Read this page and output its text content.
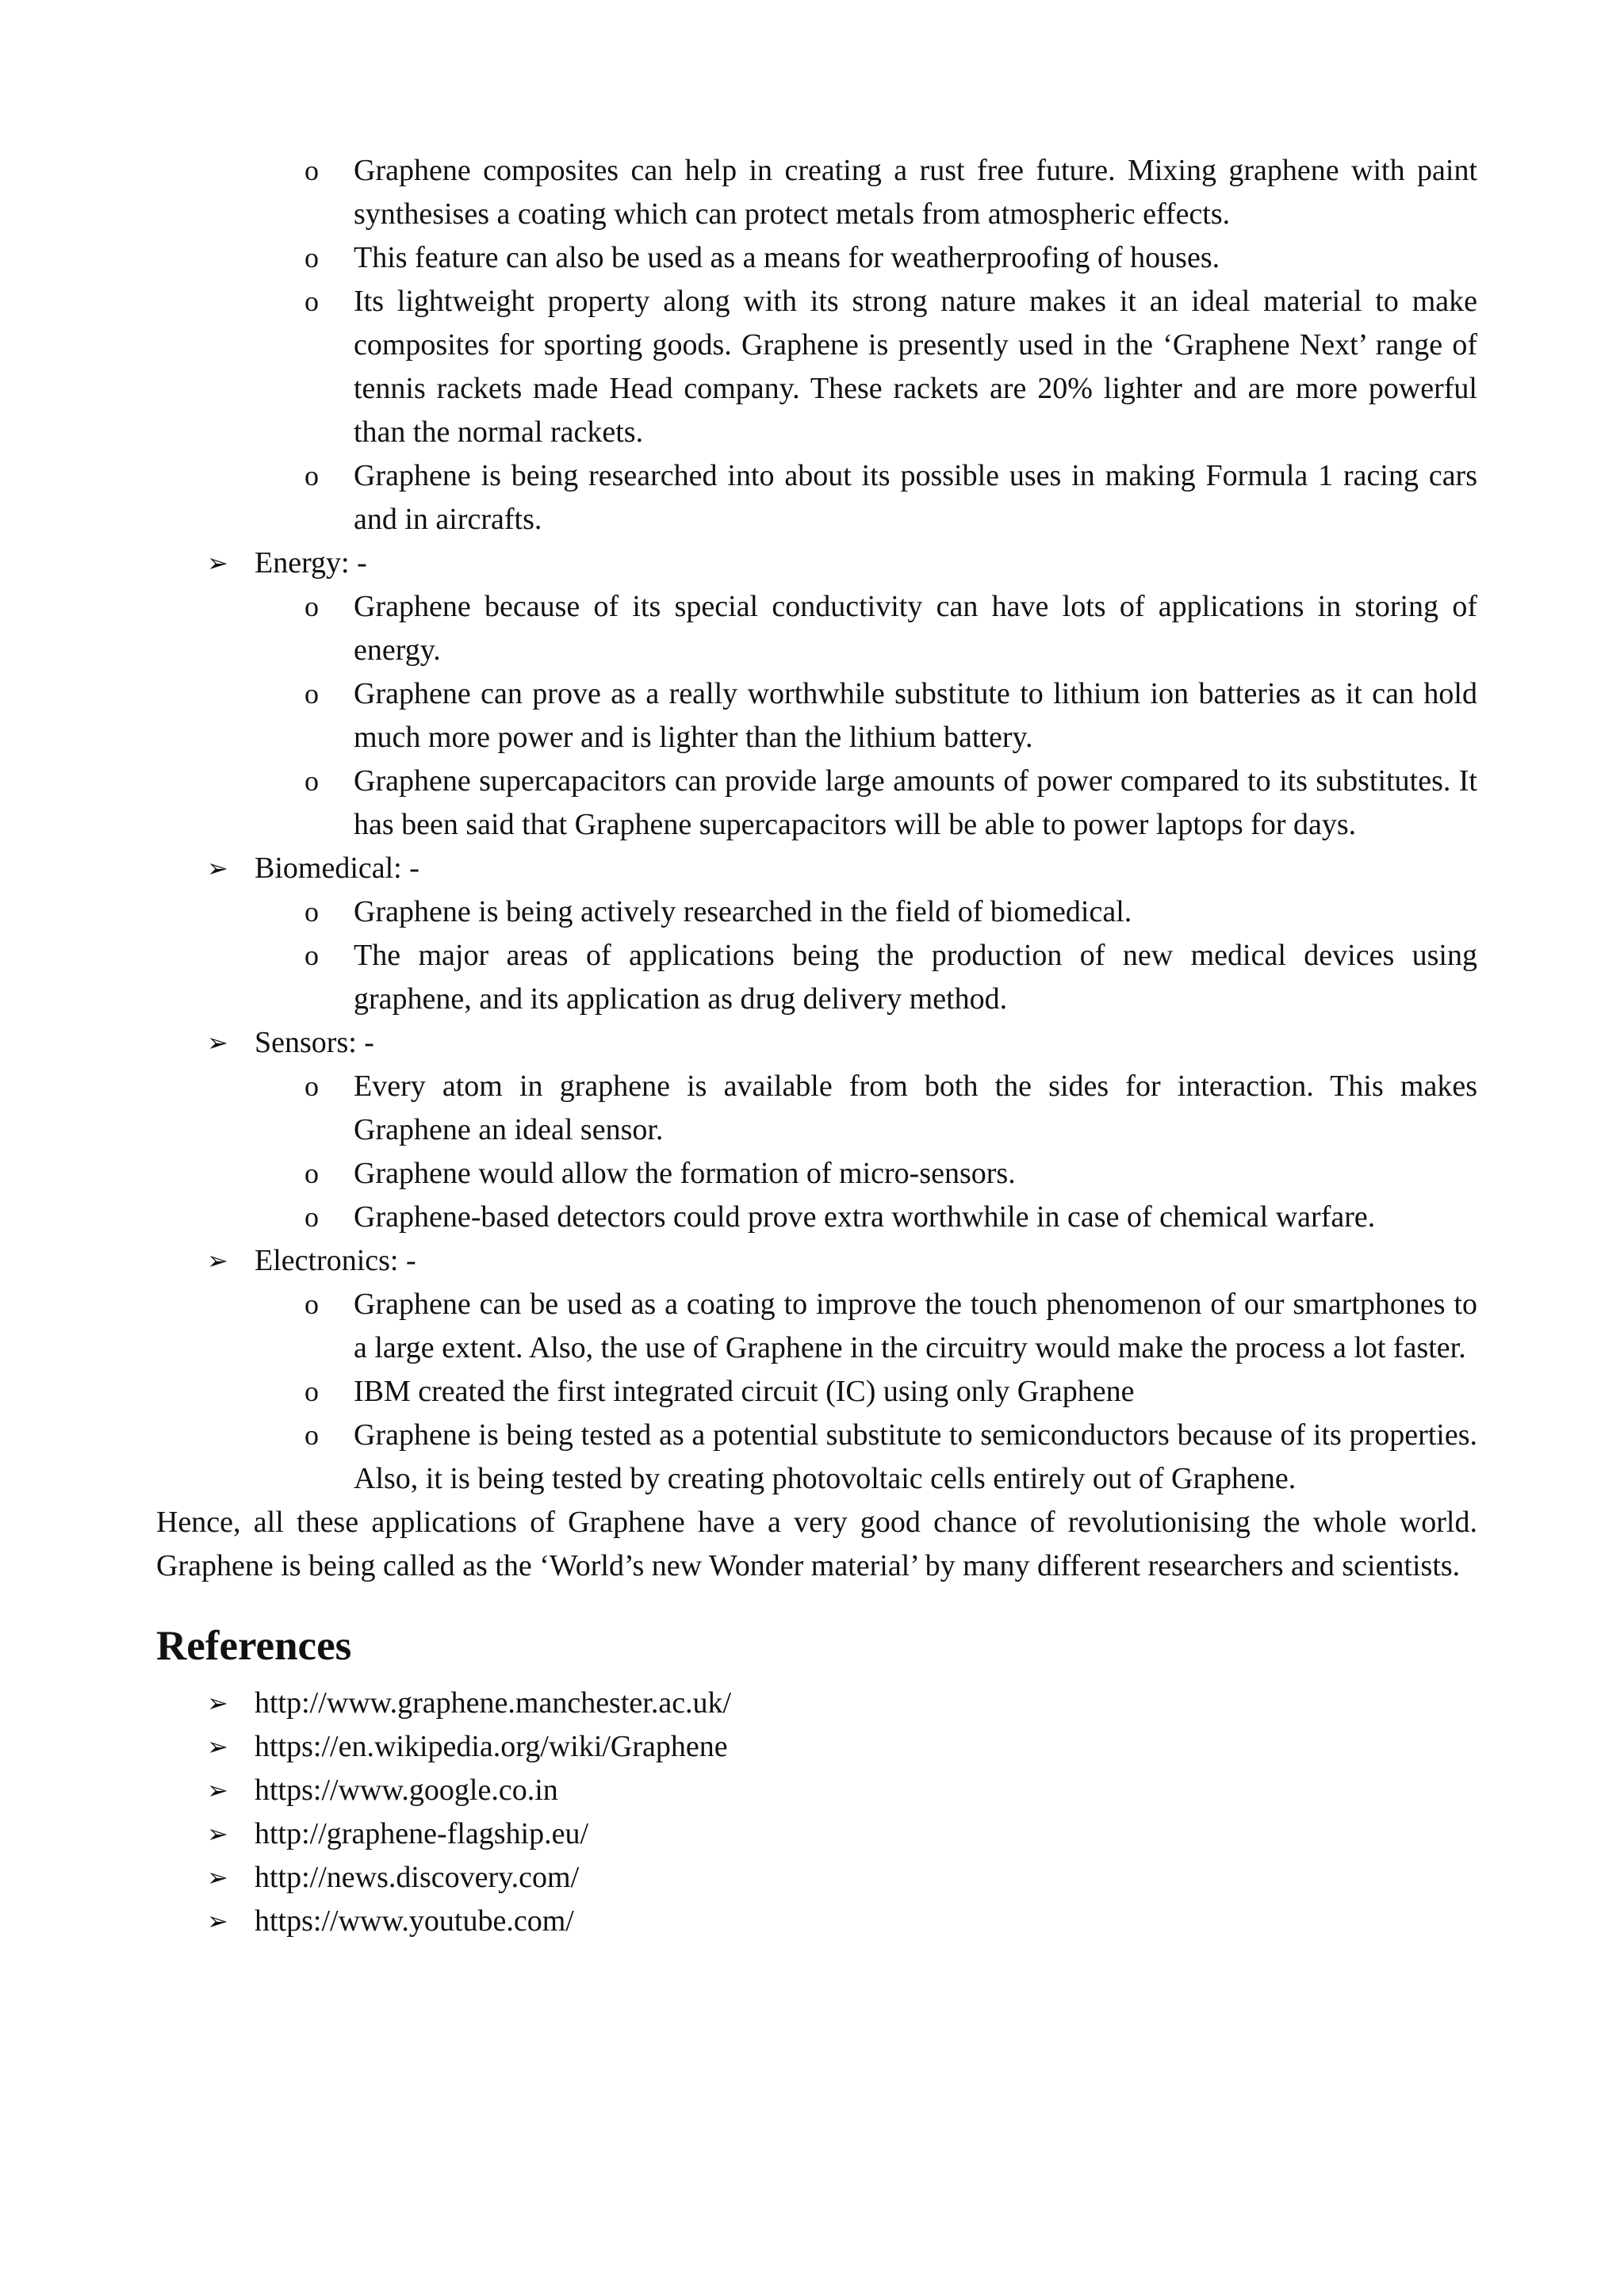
o	Graphene composites can help in creating a rust free future. Mixing graphene with paint synthesises a coating which can protect metals from atmospheric effects.
o	This feature can also be used as a means for weatherproofing of houses.
o	Its lightweight property along with its strong nature makes it an ideal material to make composites for sporting goods. Graphene is presently used in the ‘Graphene Next’ range of tennis rackets made Head company. These rackets are 20% lighter and are more powerful than the normal rackets.
o	Graphene is being researched into about its possible uses in making Formula 1 racing cars and in aircrafts.
➢ Energy: -
o	Graphene because of its special conductivity can have lots of applications in storing of energy.
o	Graphene can prove as a really worthwhile substitute to lithium ion batteries as it can hold much more power and is lighter than the lithium battery.
o	Graphene supercapacitors can provide large amounts of power compared to its substitutes. It has been said that Graphene supercapacitors will be able to power laptops for days.
➢ Biomedical: -
o	Graphene is being actively researched in the field of biomedical.
o	The major areas of applications being the production of new medical devices using graphene, and its application as drug delivery method.
➢ Sensors: -
o	Every atom in graphene is available from both the sides for interaction. This makes Graphene an ideal sensor.
o	Graphene would allow the formation of micro-sensors.
o	Graphene-based detectors could prove extra worthwhile in case of chemical warfare.
➢ Electronics: -
o	Graphene can be used as a coating to improve the touch phenomenon of our smartphones to a large extent. Also, the use of Graphene in the circuitry would make the process a lot faster.
o	IBM created the first integrated circuit (IC) using only Graphene
o	Graphene is being tested as a potential substitute to semiconductors because of its properties. Also, it is being tested by creating photovoltaic cells entirely out of Graphene.

Hence, all these applications of Graphene have a very good chance of revolutionising the whole world. Graphene is being called as the ‘World’s new Wonder material’ by many different researchers and scientists.

References
➢ http://www.graphene.manchester.ac.uk/
➢ https://en.wikipedia.org/wiki/Graphene
➢ https://www.google.co.in
➢ http://graphene-flagship.eu/
➢ http://news.discovery.com/
➢ https://www.youtube.com/
